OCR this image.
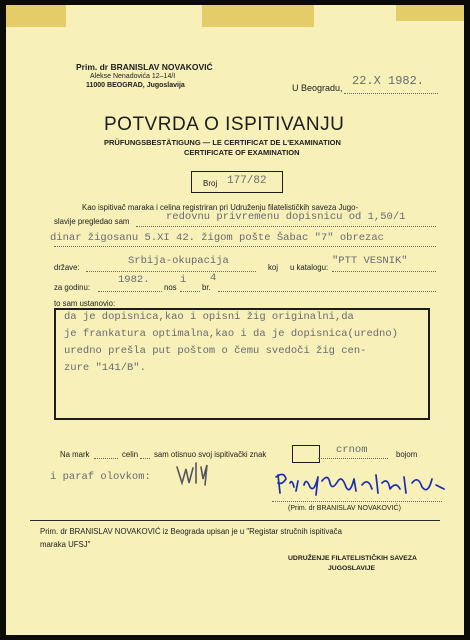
Prim. dr BRANISLAV NOVAKOVIĆ
Alekse Nenadovića 12–14/I
11000 BEOGRAD, Jugoslavija	U Beogradu, 22.X 1982.
POTVRDA O ISPITIVANJU
PRÜFUNGSBESTÄTIGUNG — LE CERTIFICAT DE L'EXAMINATION
CERTIFICATE OF EXAMINATION
Broj 177/82
Kao ispitivač maraka i celina registriran pri Udruženju filatelističkih saveza Jugo-
slavije pregledao sam	redovnu privremenu dopisnicu od 1,50/1
dinar žigosanu 5.XI 42. žigom pošte Šabac "7" obrezac
države:
Srbija-okupacija
koj u katalogu:
"PTT VESNIK"
za godinu:
1982.
nos
i
br.
4
to sam ustanovio:
da je dopisnica,kao i opisni žig originalni,da
je frankatura optimalna,kao i da je dopisnica(uredno)
uredno prešla put poštom o čemu svedoči žig cen-
zure "141/B".
Na mark	celin sam otisnuo svoj ispitivački znak	crnom	bojom
i paraf olovkom:
(Prim. dr BRANISLAV NOVAKOVIĆ)
Prim. dr BRANISLAV NOVAKOVIĆ iz Beograda upisan je u "Registar stručnih ispitivača
maraka UFSJ"
UDRUŽENJE FILATELISTIČKIH SAVEZA
JUGOSLAVIJE
